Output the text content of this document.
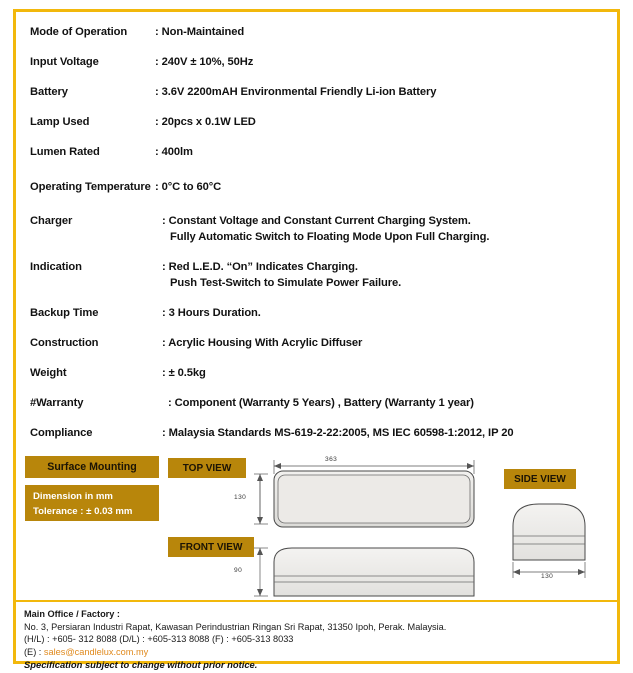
Mode of Operation : Non-Maintained
Input Voltage	: 240V ± 10%, 50Hz
Battery	: 3.6V 2200mAH Environmental Friendly Li-ion Battery
Lamp Used	: 20pcs x 0.1W LED
Lumen Rated	: 400lm
Operating Temperature : 0°C to 60°C
Charger	: Constant Voltage and Constant Current Charging System.
Fully Automatic Switch to Floating Mode Upon Full Charging.
Indication	: Red L.E.D. “On” Indicates Charging.
Push Test-Switch to Simulate Power Failure.
Backup Time	: 3 Hours Duration.
Construction	: Acrylic Housing With Acrylic Diffuser
Weight	: ± 0.5kg
#Warranty	: Component (Warranty 5 Years) , Battery (Warranty 1 year)
Compliance	: Malaysia Standards MS-619-2-22:2005, MS IEC 60598-1:2012, IP 20
Surface Mounting
Dimension in mm
Tolerance : ± 0.03 mm
TOP VIEW
FRONT VIEW
SIDE VIEW
363
130
90
130
Main Office / Factory :
No. 3, Persiaran Industri Rapat, Kawasan Perindustrian Ringan Sri Rapat, 31350 Ipoh, Perak. Malaysia.
(H/L) : +605- 312 8088 (D/L) : +605-313 8088 (F) : +605-313 8033
(E) : sales@candlelux.com.my
Specification subject to change without prior notice.
